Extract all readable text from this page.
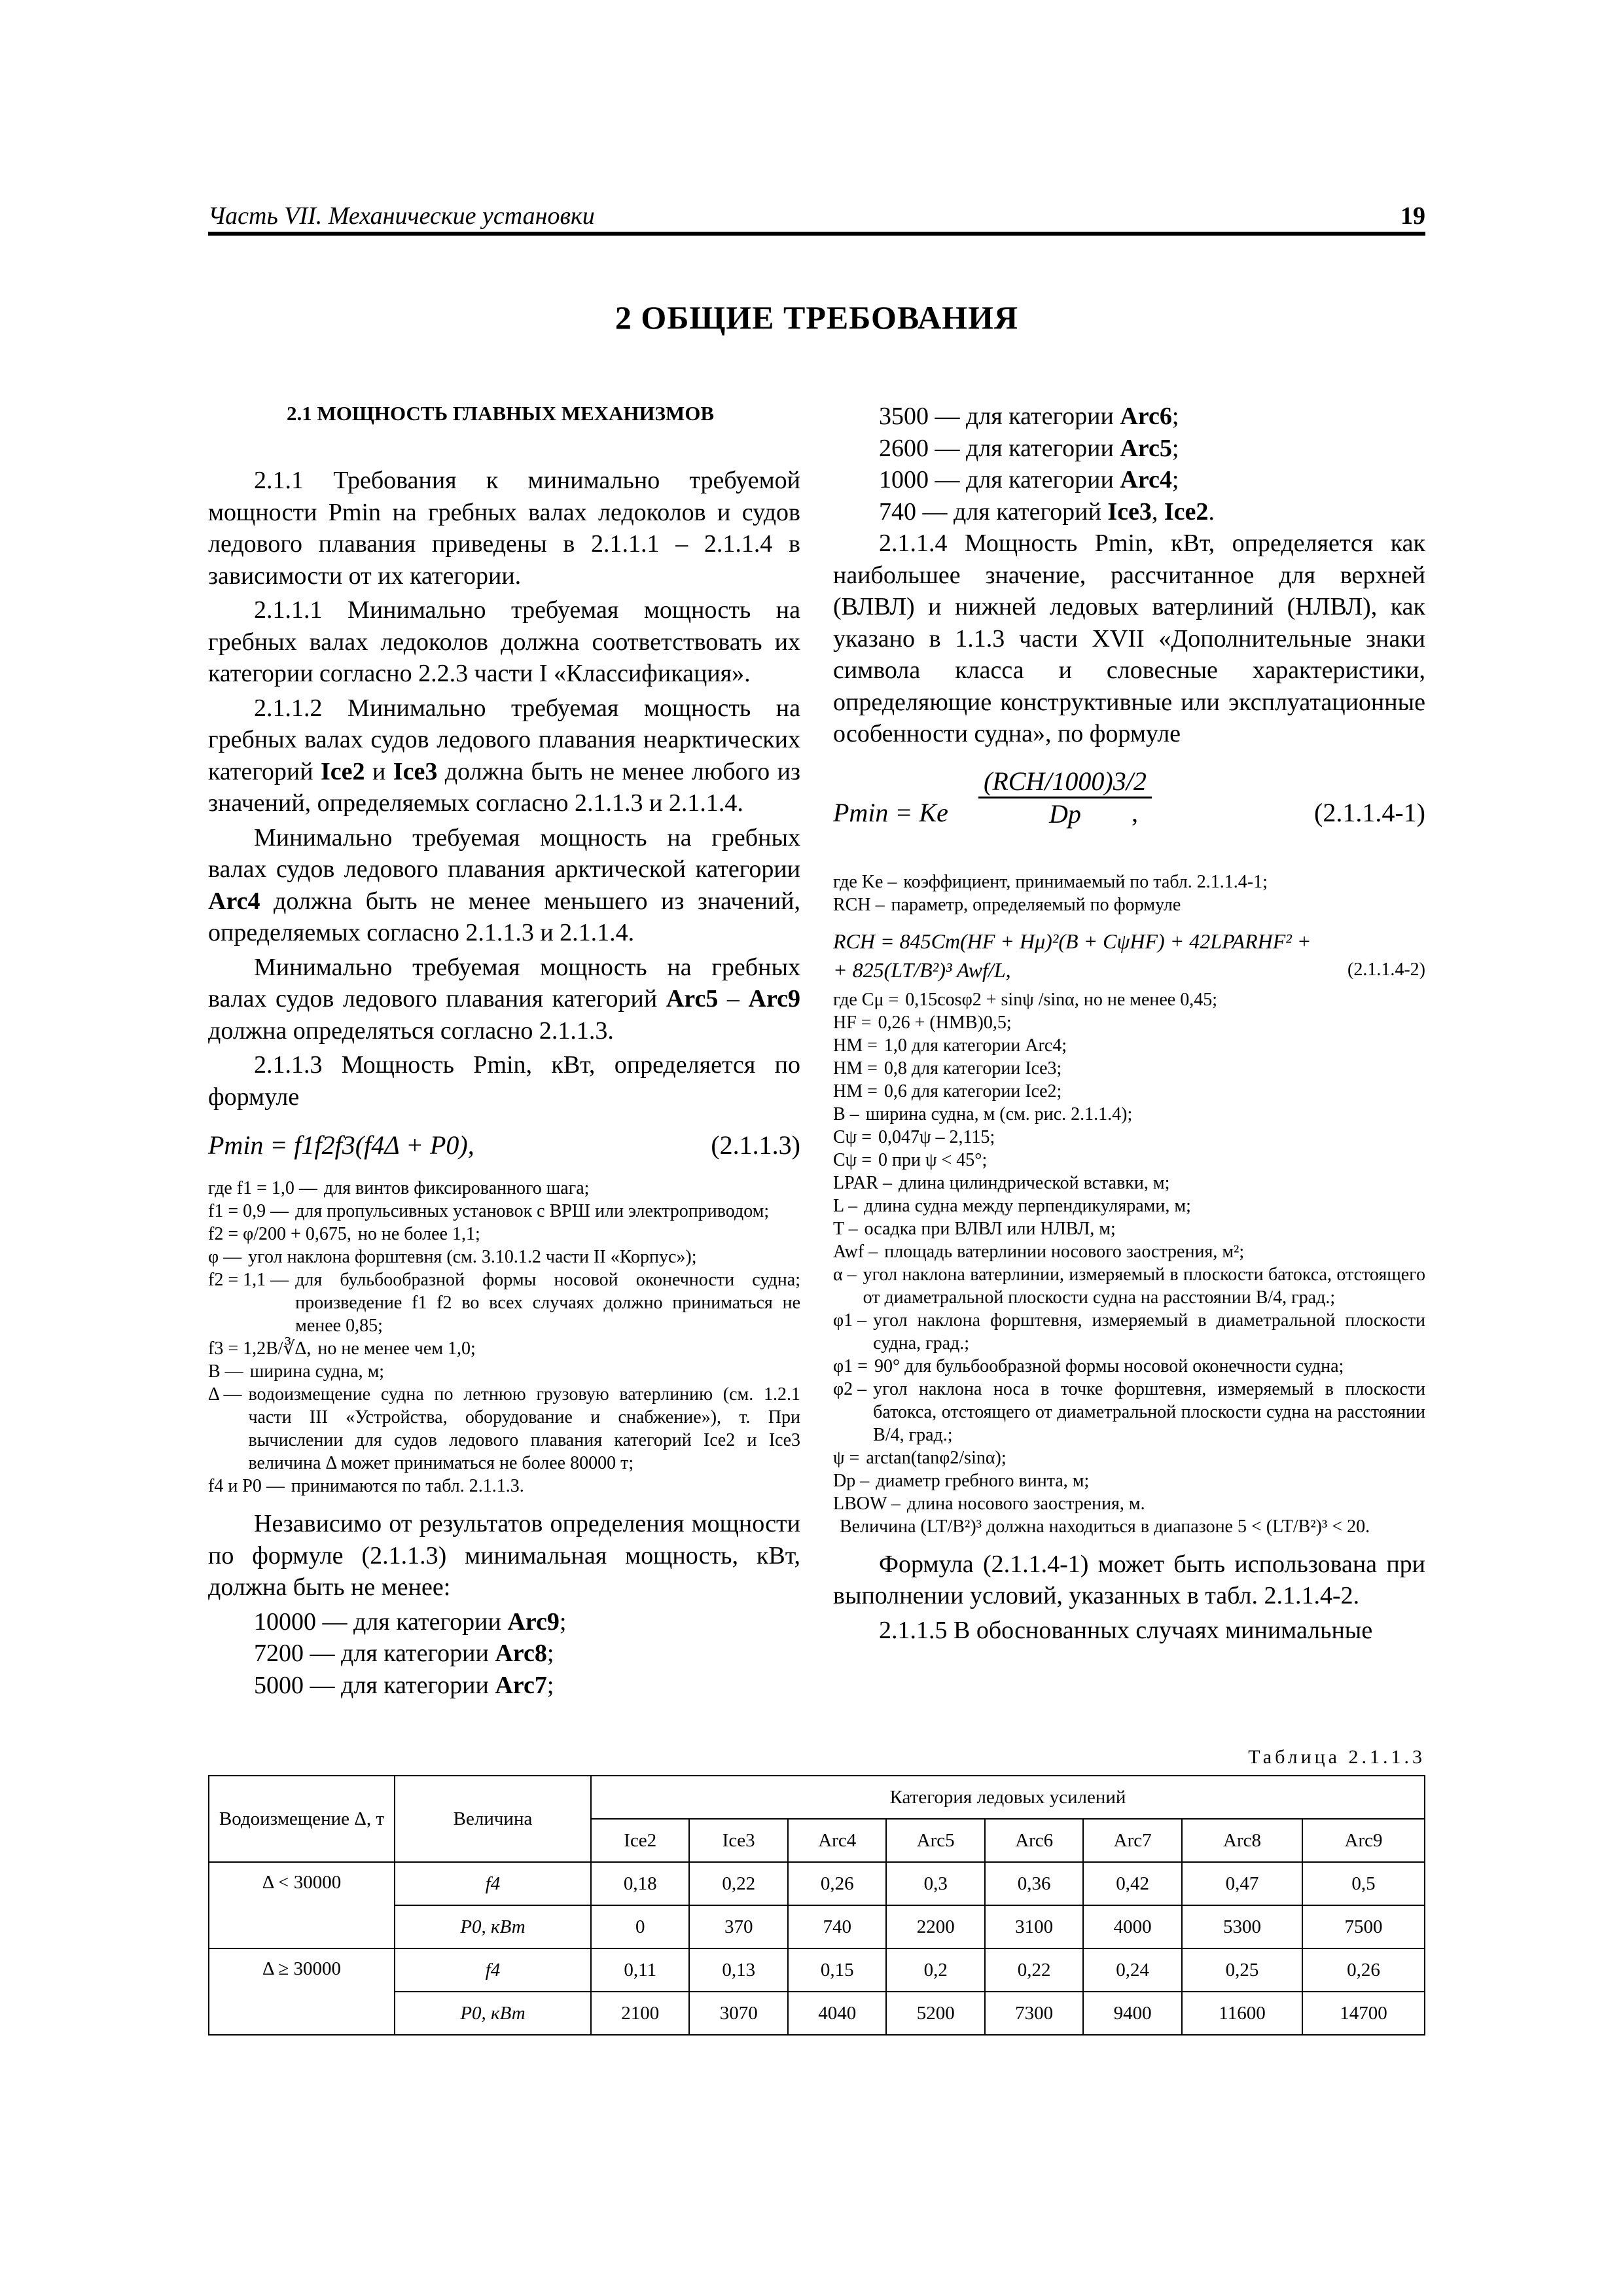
Часть VII. Механические установки	19
2 ОБЩИЕ ТРЕБОВАНИЯ
2.1 МОЩНОСТЬ ГЛАВНЫХ МЕХАНИЗМОВ

2.1.1 Требования к минимально требуемой мощности Pmin на гребных валах ледоколов и судов ледового плавания приведены в 2.1.1.1 – 2.1.1.4 в зависимости от их категории.

2.1.1.1 Минимально требуемая мощность на гребных валах ледоколов должна соответствовать их категории согласно 2.2.3 части I «Классификация».

2.1.1.2 Минимально требуемая мощность на гребных валах судов ледового плавания неарктических категорий Ice2 и Ice3 должна быть не менее любого из значений, определяемых согласно 2.1.1.3 и 2.1.1.4.

Минимально требуемая мощность на гребных валах судов ледового плавания арктической категории Arc4 должна быть не менее меньшего из значений, определяемых согласно 2.1.1.3 и 2.1.1.4.

Минимально требуемая мощность на гребных валах судов ледового плавания категорий Arc5 – Arc9 должна определяться согласно 2.1.1.3.

2.1.1.3 Мощность Pmin, кВт, определяется по формуле

Pmin = f1f2f3(f4Δ + P0),	(2.1.1.3)
где f1 = 1,0 — для винтов фиксированного шага;
f1 = 0,9 — для пропульсивных установок с ВРШ или электроприводом;
f2 = φ/200 + 0,675, но не более 1,1;
φ — угол наклона форштевня (см. 3.10.1.2 части II «Корпус»);
f2 = 1,1 — для бульбообразной формы носовой оконечности судна; произведение f1 f2 во всех случаях должно приниматься не менее 0,85;
f3 = 1,2B/∛Δ, но не менее чем 1,0;
B — ширина судна, м;
Δ — водоизмещение судна по летнюю грузовую ватерлинию (см. 1.2.1 части III «Устройства, оборудование и снабжение»), т. При вычислении для судов ледового плавания категорий Ice2 и Ice3 величина Δ может приниматься не более 80000 т;
f4 и P0 — принимаются по табл. 2.1.1.3.

Независимо от результатов определения мощности по формуле (2.1.1.3) минимальная мощность, кВт, должна быть не менее:

10000 — для категории Arc9;
7200 — для категории Arc8;
5000 — для категории Arc7;
3500 — для категории Arc6;
2600 — для категории Arc5;
1000 — для категории Arc4;
740 — для категорий Ice3, Ice2.

2.1.1.4 Мощность Pmin, кВт, определяется как наибольшее значение, рассчитанное для верхней (ВЛВЛ) и нижней ледовых ватерлиний (НЛВЛ), как указано в 1.1.3 части XVII «Дополнительные знаки символа класса и словесные характеристики, определяющие конструктивные или эксплуатационные особенности судна», по формуле

Pmin = Ke
(RCH/1000)3/2
Dp	,	(2.1.1.4-1)
где Ke – коэффициент, принимаемый по табл. 2.1.1.4-1;
RCH – параметр, определяемый по формуле
RCH = 845Cm(HF + Hμ)²(B + CψHF) + 42LPARHF² +
+ 825(LT/B²)³ Awf/L,	(2.1.1.4-2)
где Cμ = 0,15cosφ2 + sinψ /sinα, но не менее 0,45;
HF = 0,26 + (HMB)0,5;
HM = 1,0 для категории Arc4;
HM = 0,8 для категории Ice3;
HM = 0,6 для категории Ice2;
B – ширина судна, м (см. рис. 2.1.1.4);
Cψ = 0,047ψ – 2,115;
Cψ = 0 при ψ < 45°;
LPAR – длина цилиндрической вставки, м;
L – длина судна между перпендикулярами, м;
T – осадка при ВЛВЛ или НЛВЛ, м;
Awf – площадь ватерлинии носового заострения, м²;
α – угол наклона ватерлинии, измеряемый в плоскости батокса, отстоящего от диаметральной плоскости судна на расстоянии B/4, град.;
φ1 – угол наклона форштевня, измеряемый в диаметральной плоскости судна, град.;
φ1 = 90° для бульбообразной формы носовой оконечности судна;
φ2 – угол наклона носа в точке форштевня, измеряемый в плоскости батокса, отстоящего от диаметральной плоскости судна на расстоянии B/4, град.;
ψ = arctan(tanφ2/sinα);
Dp – диаметр гребного винта, м;
LBOW – длина носового заострения, м.
Величина (LT/B²)³ должна находиться в диапазоне 5 < (LT/B²)³ < 20.

Формула (2.1.1.4-1) может быть использована при выполнении условий, указанных в табл. 2.1.1.4-2.

2.1.1.5 В обоснованных случаях минимальные

Таблица 2.1.1.3
Водоизмещение Δ, т	Величина	Категория ледовых усилений							
		Ice2	Ice3	Arc4	Arc5	Arc6	Arc7	Arc8	Arc9
Δ < 30000	f4	0,18	0,22	0,26	0,3	0,36	0,42	0,47	0,5
	P0, кВт	0	370	740	2200	3100	4000	5300	7500
Δ ≥ 30000	f4	0,11	0,13	0,15	0,2	0,22	0,24	0,25	0,26
	P0, кВт	2100	3070	4040	5200	7300	9400	11600	14700
